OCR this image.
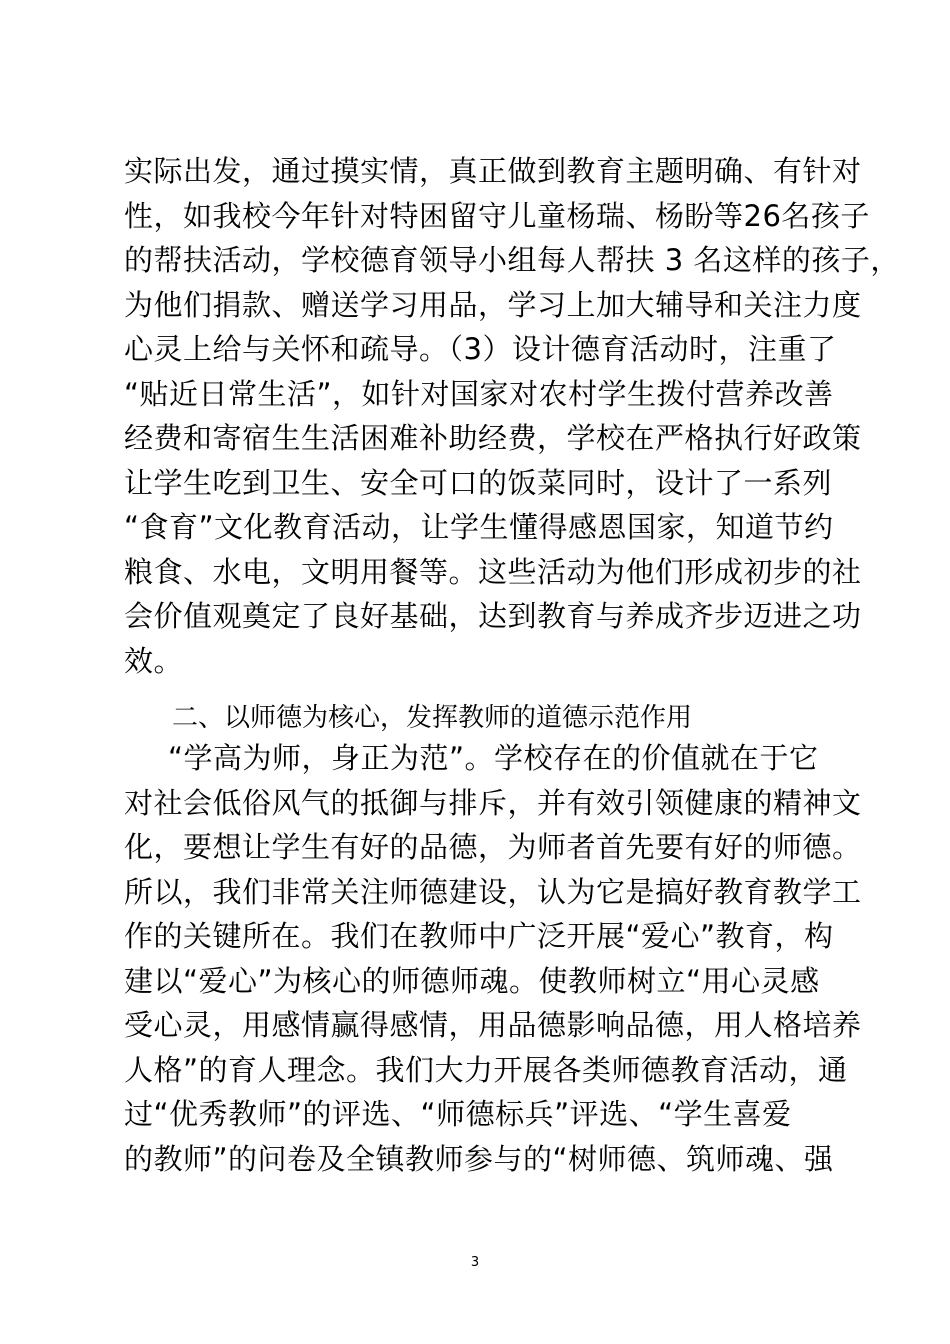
实际出发，通过摸实情，真正做到教育主题明确、有针对
性，如我校今年针对特困留守儿童杨瑞、杨盼等26名孩子
的帮扶活动，学校德育领导小组每人帮扶 3 名这样的孩子，
为他们捐款、赠送学习用品，学习上加大辅导和关注力度
心灵上给与关怀和疏导。（3）设计德育活动时，注重了
“贴近日常生活”，如针对国家对农村学生拨付营养改善
经费和寄宿生生活困难补助经费，学校在严格执行好政策
让学生吃到卫生、安全可口的饭菜同时，设计了一系列
“食育”文化教育活动，让学生懂得感恩国家，知道节约
粮食、水电，文明用餐等。这些活动为他们形成初步的社
会价值观奠定了良好基础，达到教育与养成齐步迈进之功
效。
二、以师德为核心，发挥教师的道德示范作用
“学高为师，身正为范”。学校存在的价值就在于它
对社会低俗风气的抵御与排斥，并有效引领健康的精神文
化，要想让学生有好的品德，为师者首先要有好的师德。
所以，我们非常关注师德建设，认为它是搞好教育教学工
作的关键所在。我们在教师中广泛开展“爱心”教育，构
建以“爱心”为核心的师德师魂。使教师树立“用心灵感
受心灵，用感情赢得感情，用品德影响品德，用人格培养
人格”的育人理念。我们大力开展各类师德教育活动，通
过“优秀教师”的评选、“师德标兵”评选、“学生喜爱
的教师”的问卷及全镇教师参与的“树师德、筑师魂、强
3
